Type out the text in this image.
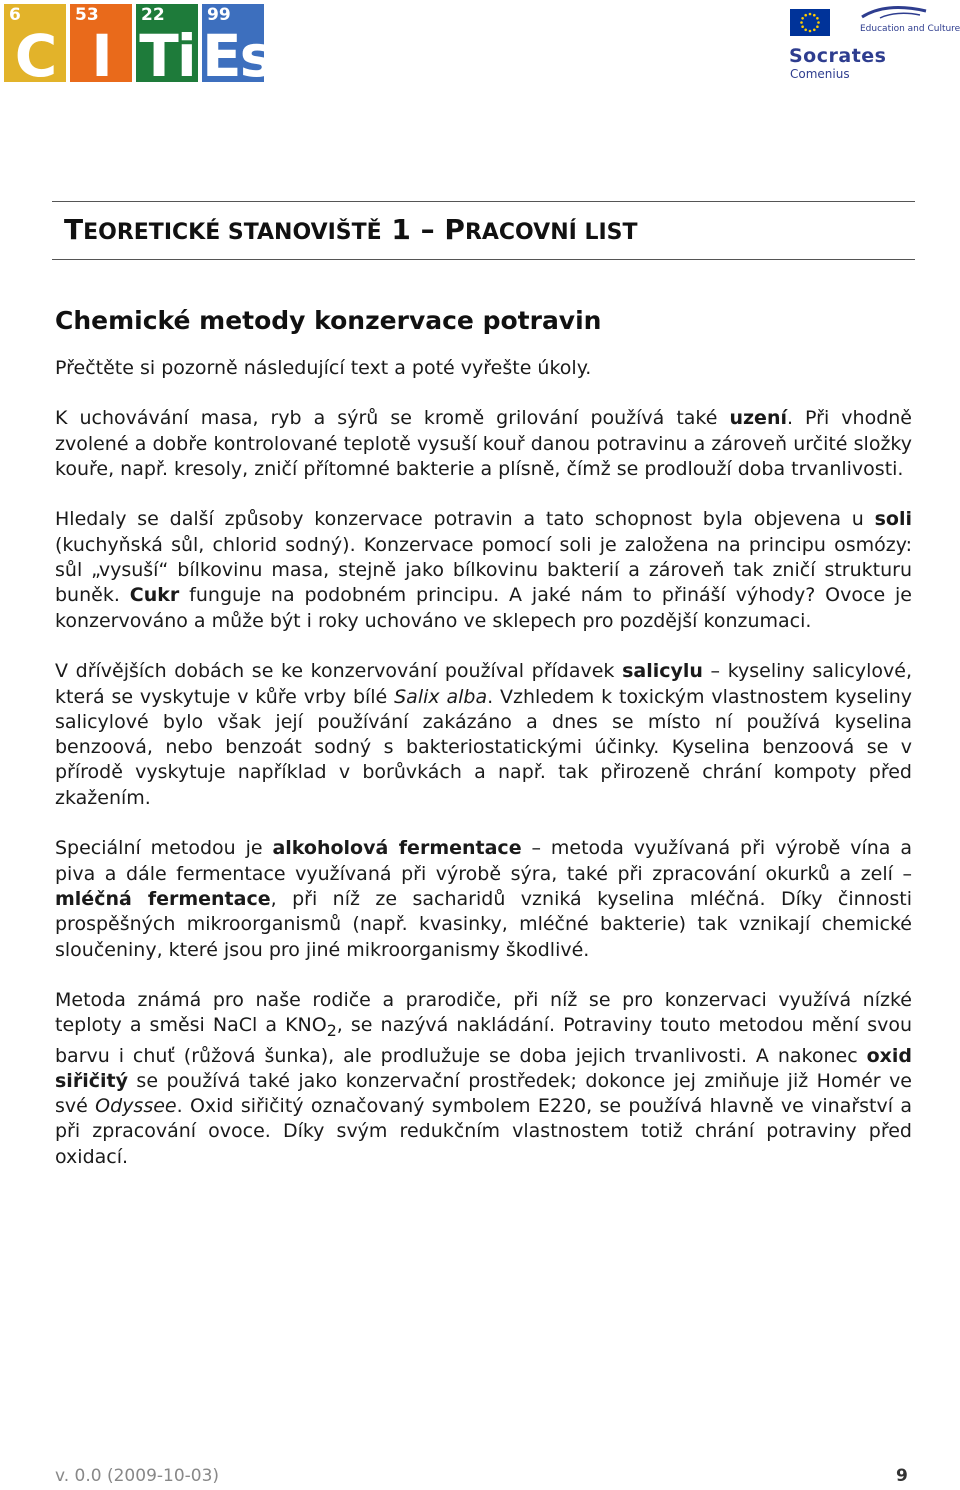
6
C
53
I
22
Ti
99
Es	Education and Culture
Socrates
Comenius
TEORETICKÉ STANOVIŠTĚ 1 – PRACOVNÍ LIST
Chemické metody konzervace potravin

Přečtěte si pozorně následující text a poté vyřešte úkoly.

K uchovávání masa, ryb a sýrů se kromě grilování používá také uzení. Při vhodně zvolené a dobře kontrolované teplotě vysuší kouř danou potravinu a zároveň určité složky kouře, např. kresoly, zničí přítomné bakterie a plísně, čímž se prodlouží doba trvanlivosti.

Hledaly se další způsoby konzervace potravin a tato schopnost byla objevena u soli (kuchyňská sůl, chlorid sodný). Konzervace pomocí soli je založena na principu osmózy: sůl „vysuší“ bílkovinu masa, stejně jako bílkovinu bakterií a zároveň tak zničí strukturu buněk. Cukr funguje na podobném principu. A jaké nám to přináší výhody? Ovoce je konzervováno a může být i roky uchováno ve sklepech pro pozdější konzumaci.

V dřívějších dobách se ke konzervování používal přídavek salicylu – kyseliny salicylové, která se vyskytuje v kůře vrby bílé Salix alba. Vzhledem k toxickým vlastnostem kyseliny salicylové bylo však její používání zakázáno a dnes se místo ní používá kyselina benzoová, nebo benzoát sodný s bakteriostatickými účinky. Kyselina benzoová se v přírodě vyskytuje například v borůvkách a např. tak přirozeně chrání kompoty před zkažením.

Speciální metodou je alkoholová fermentace – metoda využívaná při výrobě vína a piva a dále fermentace využívaná při výrobě sýra, také při zpracování okurků a zelí – mléčná fermentace, při níž ze sacharidů vzniká kyselina mléčná. Díky činnosti prospěšných mikroorganismů (např. kvasinky, mléčné bakterie) tak vznikají chemické sloučeniny, které jsou pro jiné mikroorganismy škodlivé.

Metoda známá pro naše rodiče a prarodiče, při níž se pro konzervaci využívá nízké teploty a směsi NaCl a $KNO_2$, se nazývá nakládání. Potraviny touto metodou mění svou barvu i chuť (růžová šunka), ale prodlužuje se doba jejich trvanlivosti. A nakonec oxid siřičitý se používá také jako konzervační prostředek; dokonce jej zmiňuje již Homér ve své Odyssee. Oxid siřičitý označovaný symbolem E220, se používá hlavně ve vinařství a při zpracování ovoce. Díky svým redukčním vlastnostem totiž chrání potraviny před oxidací.

v. 0.0 (2009-10-03)	9
